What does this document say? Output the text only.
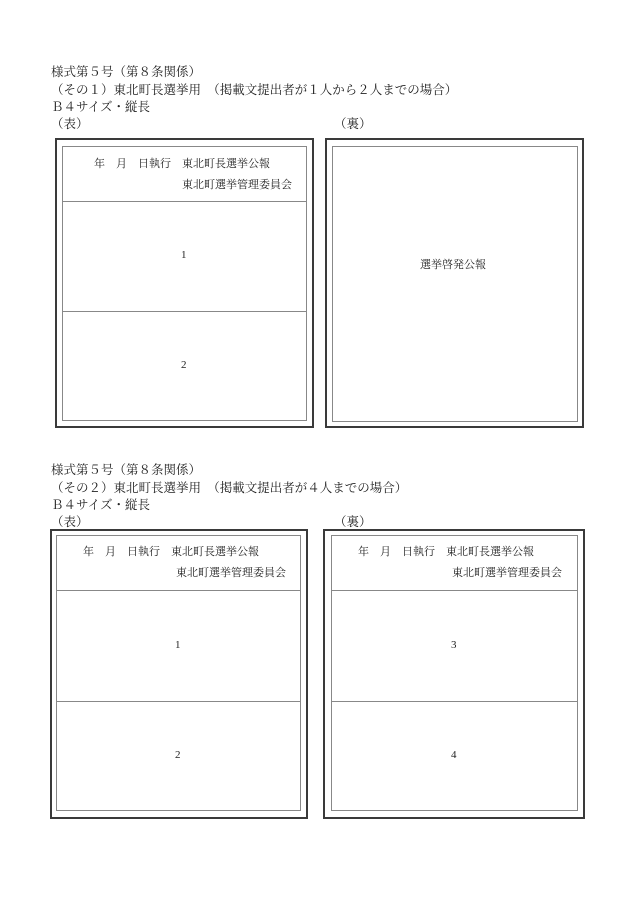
様式第５号（第８条関係）
（その１）東北町長選挙用　（掲載文提出者が１人から２人までの場合）
Ｂ４サイズ・縦長
（表）	（裏）
年　月　日執行　東北町長選挙公報
東北町選挙管理委員会
1
2
選挙啓発公報
様式第５号（第８条関係）
（その２）東北町長選挙用　（掲載文提出者が４人までの場合）
Ｂ４サイズ・縦長
（表）	（裏）
年　月　日執行　東北町長選挙公報
東北町選挙管理委員会
1
2
年　月　日執行　東北町長選挙公報
東北町選挙管理委員会
3
4
